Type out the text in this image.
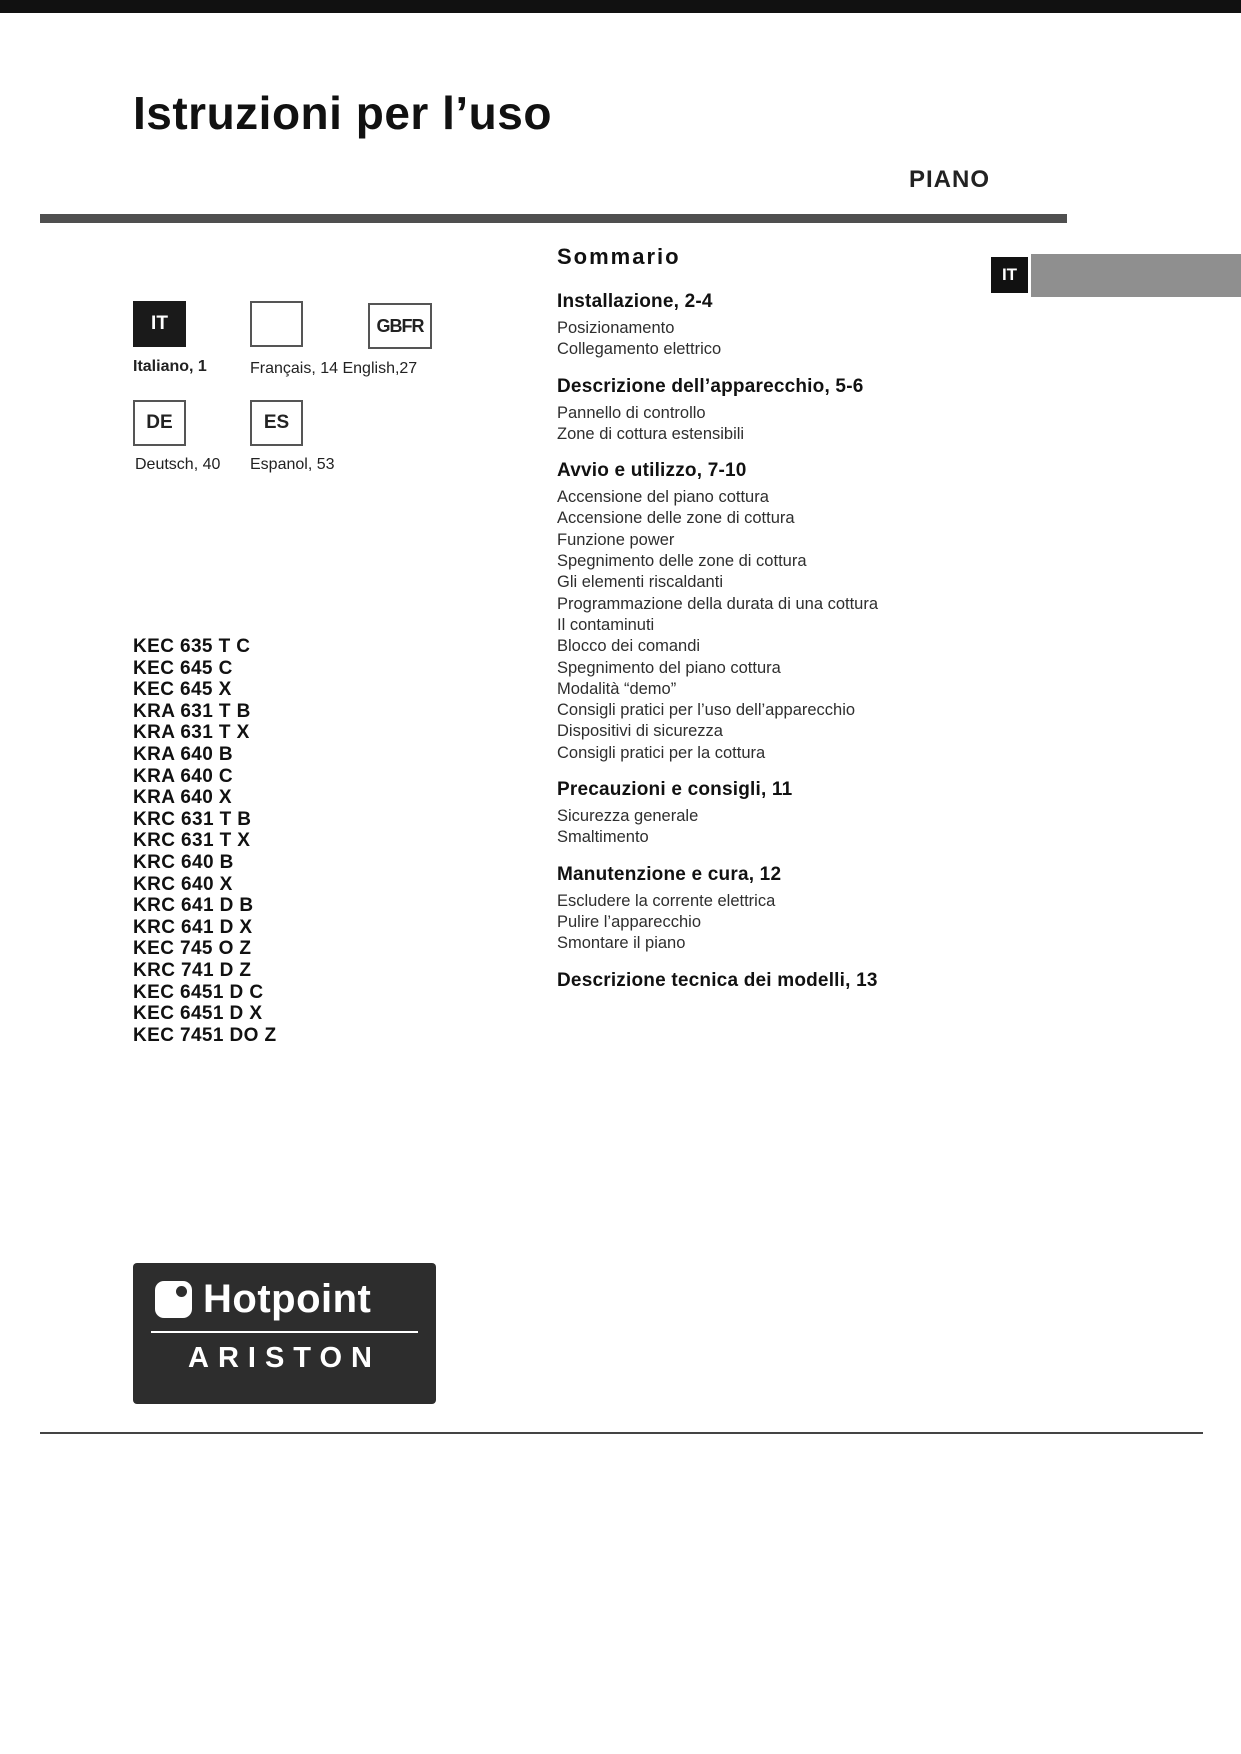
Istruzioni per l’uso
PIANO
IT
IT	GBFR
DE	ES
Italiano, 1	Français, 14 English,27
Deutsch, 40 Espanol, 53
KEC 635 T C
KEC 645 C
KEC 645 X
KRA 631 T B
KRA 631 T X
KRA 640 B
KRA 640 C
KRA 640 X
KRC 631 T B
KRC 631 T X
KRC 640 B
KRC 640 X
KRC 641 D B
KRC 641 D X
KEC 745 O Z
KRC 741 D Z
KEC 6451 D C
KEC 6451 D X
KEC 7451 DO Z
Sommario
Installazione, 2-4
Posizionamento
Collegamento elettrico
Descrizione dell’apparecchio, 5-6
Pannello di controllo
Zone di cottura estensibili
Avvio e utilizzo, 7-10
Accensione del piano cottura
Accensione delle zone di cottura
Funzione power
Spegnimento delle zone di cottura
Gli elementi riscaldanti
Programmazione della durata di una cottura
Il contaminuti
Blocco dei comandi
Spegnimento del piano cottura
Modalità “demo”
Consigli pratici per l’uso dell’apparecchio
Dispositivi di sicurezza
Consigli pratici per la cottura
Precauzioni e consigli, 11
Sicurezza generale
Smaltimento
Manutenzione e cura, 12
Escludere la corrente elettrica
Pulire l’apparecchio
Smontare il piano
Descrizione tecnica dei modelli, 13
Hotpoint
ARISTON
